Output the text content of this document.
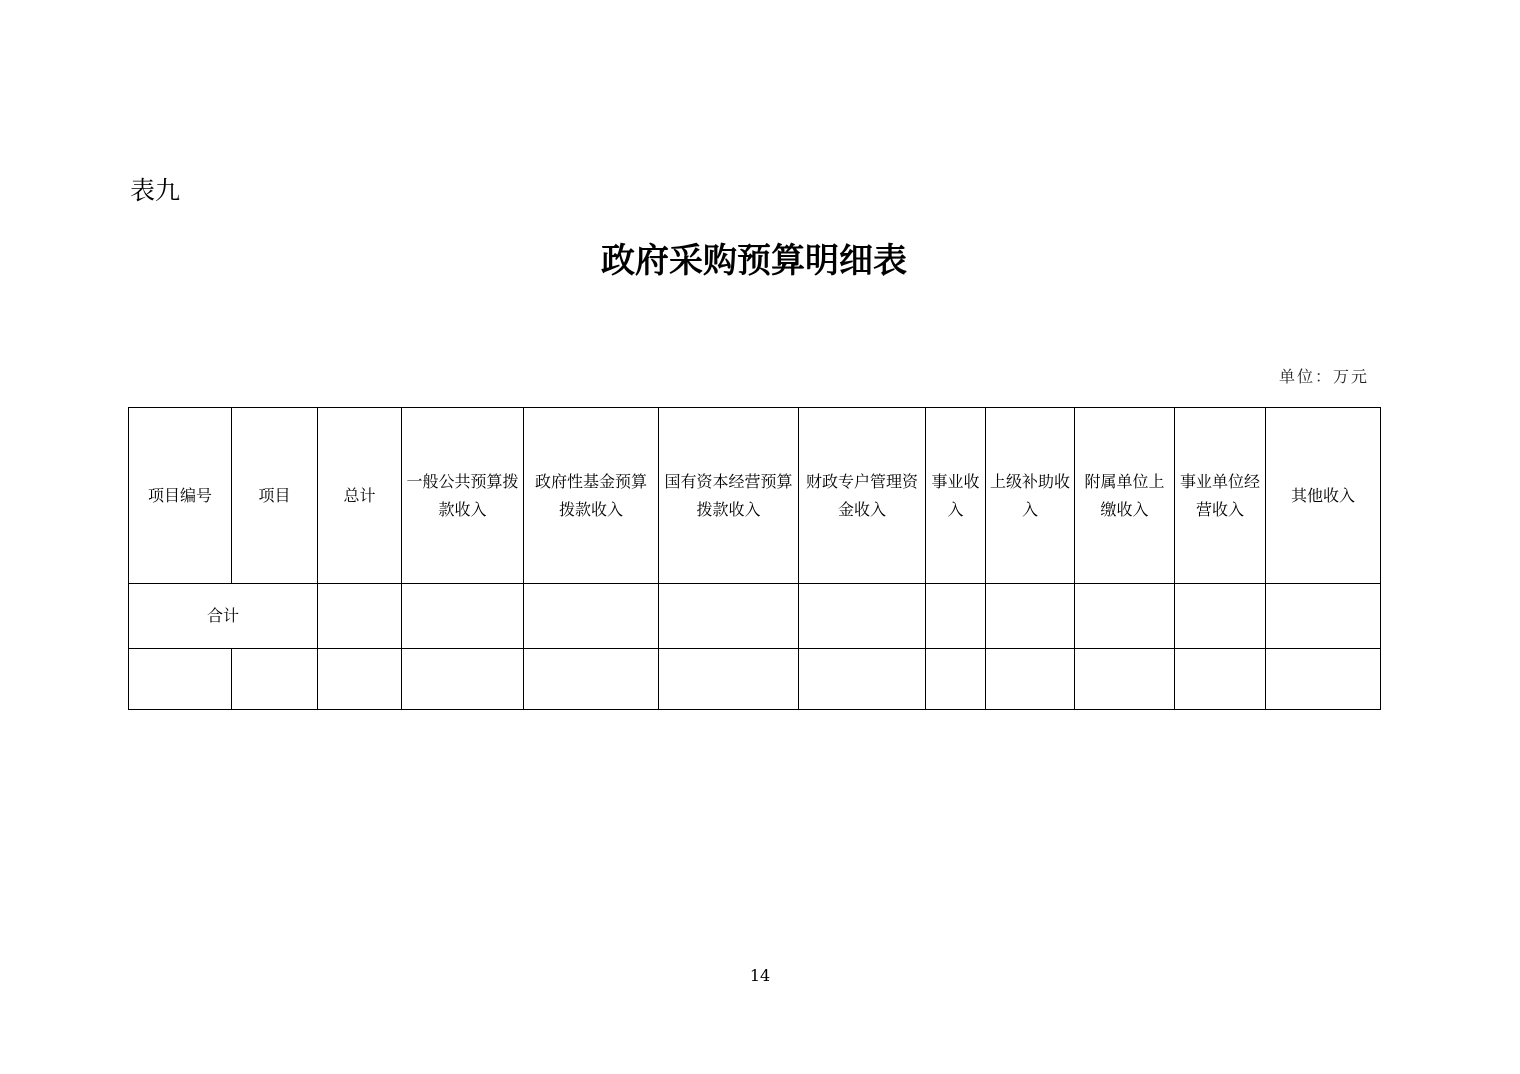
表九
政府采购预算明细表
单位：万元
项目编号	项目	总计	一般公共预算拨款收入	政府性基金预算拨款收入	国有资本经营预算拨款收入	财政专户管理资金收入	事业收入	上级补助收入	附属单位上缴收入	事业单位经营收入	其他收入
合计											

14
